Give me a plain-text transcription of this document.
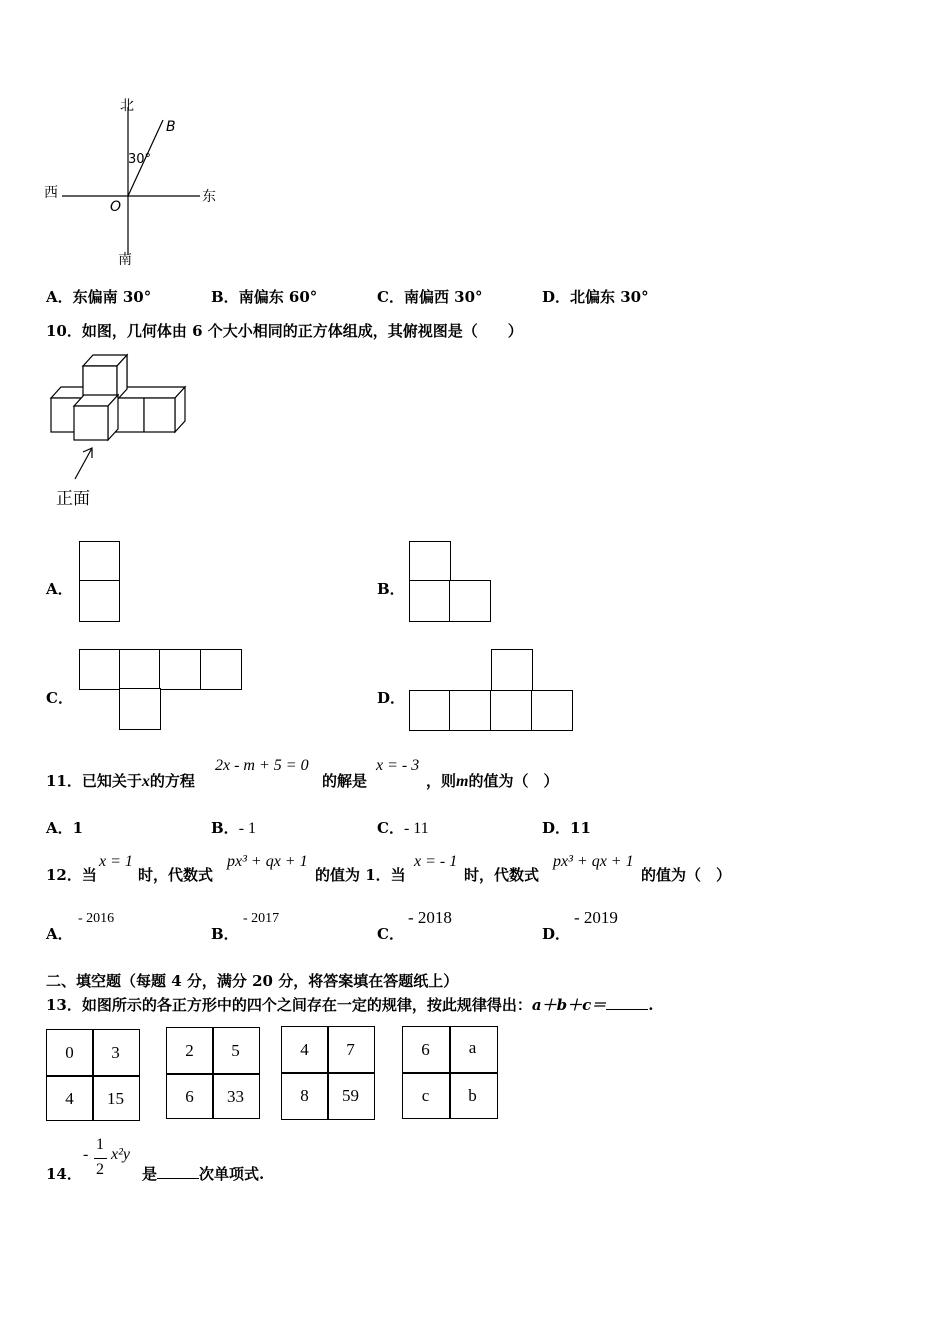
北
南
西	东
O
B
30°
A．东偏南 30°	B．南偏东 60°	C．南偏西 30°	D．北偏东 30°
10．如图，几何体由 6 个大小相同的正方体组成，其俯视图是（　　）
正面
A．	B．
C．	D．
11．已知关于x的方程
2x - m + 5 = 0
的解是
x = - 3
，则m的值为（　）
A．1	B．- 1	C．- 11	D．11
12．当
x = 1
时，代数式
px³ + qx + 1
的值为 1．当
x = - 1
时，代数式
px³ + qx + 1
的值为（　）
A．
- 2016
B．
- 2017
C．
- 2018
D．
- 2019
二、填空题（每题 4 分，满分 20 分，将答案填在答题纸上）
13．如图所示的各正方形中的四个之间存在一定的规律，按此规律得出：a＋b＋c＝	.
0	3
4	15
2	5
6	33
4	7
8	59
6	a
c	b
14．
-
1
2
x²y
是	次单项式.
